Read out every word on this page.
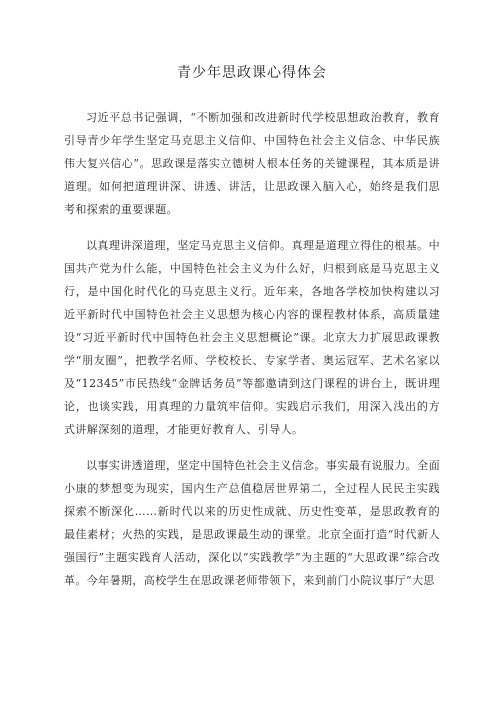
青少年思政课心得体会

习近平总书记强调，“不断加强和改进新时代学校思想政治教育，教育引导青少年学生坚定马克思主义信仰、中国特色社会主义信念、中华民族伟大复兴信心”。思政课是落实立德树人根本任务的关键课程，其本质是讲道理。如何把道理讲深、讲透、讲活，让思政课入脑入心，始终是我们思考和探索的重要课题。

以真理讲深道理，坚定马克思主义信仰。真理是道理立得住的根基。中国共产党为什么能，中国特色社会主义为什么好，归根到底是马克思主义行，是中国化时代化的马克思主义行。近年来，各地各学校加快构建以习近平新时代中国特色社会主义思想为核心内容的课程教材体系，高质量建设“习近平新时代中国特色社会主义思想概论”课。北京大力扩展思政课教学“朋友圈”，把教学名师、学校校长、专家学者、奥运冠军、艺术名家以及“12345”市民热线“金牌话务员”等都邀请到这门课程的讲台上，既讲理论，也谈实践，用真理的力量筑牢信仰。实践启示我们，用深入浅出的方式讲解深刻的道理，才能更好教育人、引导人。

以事实讲透道理，坚定中国特色社会主义信念。事实最有说服力。全面小康的梦想变为现实，国内生产总值稳居世界第二，全过程人民民主实践探索不断深化……新时代以来的历史性成就、历史性变革，是思政教育的最佳素材；火热的实践，是思政课最生动的课堂。北京全面打造“时代新人强国行”主题实践育人活动，深化以“实践教学”为主题的“大思政课”综合改革。今年暑期，高校学生在思政课老师带领下，来到前门小院议事厅“大思
